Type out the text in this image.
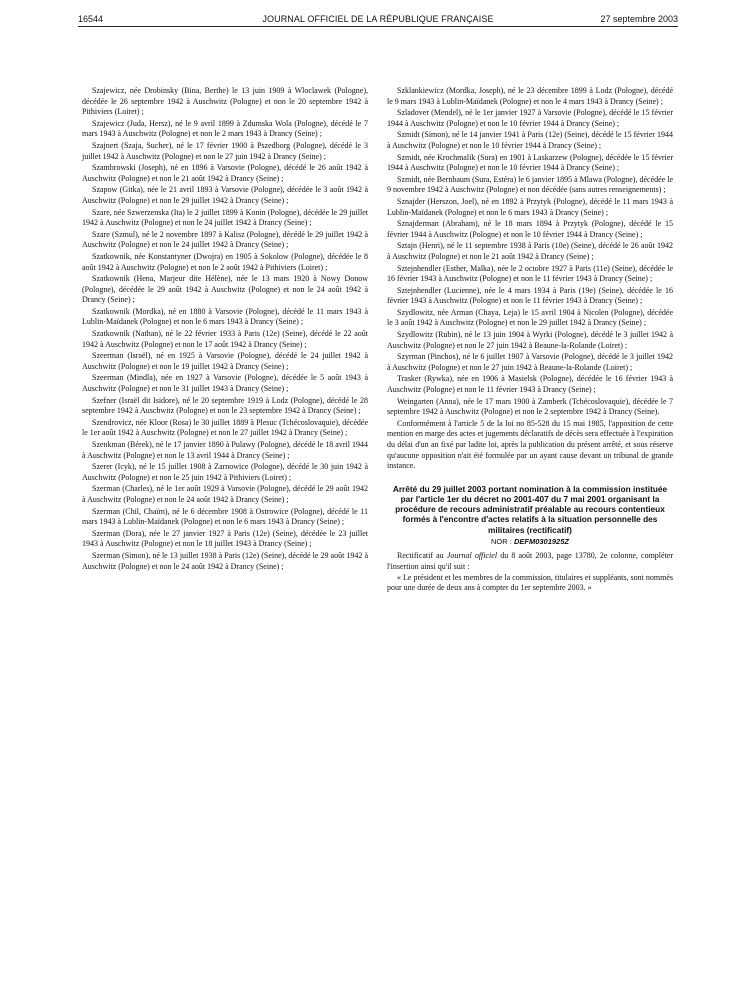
16544	JOURNAL OFFICIEL DE LA RÉPUBLIQUE FRANÇAISE	27 septembre 2003

Szajewicz, née Drobinsky (Bina, Berthe) le 13 juin 1909 à Wloclawek (Pologne), décédée le 26 septembre 1942 à Auschwitz (Pologne) et non le 20 septembre 1942 à Pithiviers (Loiret) ;

Szajewicz (Juda, Hersz), né le 9 avril 1899 à Zdumska Wola (Pologne), décédé le 7 mars 1943 à Auschwitz (Pologne) et non le 2 mars 1943 à Drancy (Seine) ;

Szajnert (Szaja, Sucher), né le 17 février 1900 à Pszedborg (Pologne), décédé le 3 juillet 1942 à Auschwitz (Pologne) et non le 27 juin 1942 à Drancy (Seine) ;

Szambrowski (Joseph), né en 1896 à Varsovie (Pologne), décédé le 26 août 1942 à Auschwitz (Pologne) et non le 21 août 1942 à Drancy (Seine) ;

Szapow (Gitka), née le 21 avril 1893 à Varsovie (Pologne), décédée le 3 août 1942 à Auschwitz (Pologne) et non le 29 juillet 1942 à Drancy (Seine) ;

Szare, née Szwerzenska (Ita) le 2 juillet 1899 à Konin (Pologne), décédée le 29 juillet 1942 à Auschwitz (Pologne) et non le 24 juillet 1942 à Drancy (Seine) ;

Szare (Szmul), né le 2 novembre 1897 à Kalisz (Pologne), décédé le 29 juillet 1942 à Auschwitz (Pologne) et non le 24 juillet 1942 à Drancy (Seine) ;

Szatkownik, née Konstantyner (Dwojra) en 1905 à Sokolow (Pologne), décédée le 8 août 1942 à Auschwitz (Pologne) et non le 2 août 1942 à Pithiviers (Loiret) ;

Szatkownik (Hena, Marjeur dite Hélène), née le 13 mars 1920 à Nowy Donow (Pologne), décédée le 29 août 1942 à Auschwitz (Pologne) et non le 24 août 1942 à Drancy (Seine) ;

Szatkownik (Mordka), né en 1880 à Varsovie (Pologne), décédé le 11 mars 1943 à Lublin-Maïdanek (Pologne) et non le 6 mars 1943 à Drancy (Seine) ;

Szatkownik (Nathan), né le 22 février 1933 à Paris (12e) (Seine), décédé le 22 août 1942 à Auschwitz (Pologne) et non le 17 août 1942 à Drancy (Seine) ;

Szeerman (Israël), né en 1925 à Varsovie (Pologne), décédé le 24 juillet 1942 à Auschwitz (Pologne) et non le 19 juillet 1942 à Drancy (Seine) ;

Szeerman (Mindla), née en 1927 à Varsovie (Pologne), décédée le 5 août 1943 à Auschwitz (Pologne) et non le 31 juillet 1943 à Drancy (Seine) ;

Szefner (Israël dit Isidore), né le 20 septembre 1919 à Lodz (Pologne), décédé le 28 septembre 1942 à Auschwitz (Pologne) et non le 23 septembre 1942 à Drancy (Seine) ;

Szendrovicz, née Kloor (Rosa) le 30 juillet 1889 à Plesuc (Tchécoslovaquie), décédée le 1er août 1942 à Auschwitz (Pologne) et non le 27 juillet 1942 à Drancy (Seine) ;

Szenkman (Bérek), né le 17 janvier 1890 à Pulawy (Pologne), décédé le 18 avril 1944 à Auschwitz (Pologne) et non le 13 avril 1944 à Drancy (Seine) ;

Szerer (Icyk), né le 15 juillet 1908 à Zarnowice (Pologne), décédé le 30 juin 1942 à Auschwitz (Pologne) et non le 25 juin 1942 à Pithiviers (Loiret) ;

Szerman (Charles), né le 1er août 1929 à Varsovie (Pologne), décédé le 29 août 1942 à Auschwitz (Pologne) et non le 24 août 1942 à Drancy (Seine) ;

Szerman (Chil, Chaïm), né le 6 décembre 1908 à Ostrowice (Pologne), décédé le 11 mars 1943 à Lublin-Maïdanek (Pologne) et non le 6 mars 1943 à Drancy (Seine) ;

Szerman (Dora), née le 27 janvier 1927 à Paris (12e) (Seine), décédée le 23 juillet 1943 à Auschwitz (Pologne) et non le 18 juillet 1943 à Drancy (Seine) ;

Szerman (Simon), né le 13 juillet 1938 à Paris (12e) (Seine), décédé le 29 août 1942 à Auschwitz (Pologne) et non le 24 août 1942 à Drancy (Seine) ;

Szklankiewicz (Mordka, Joseph), né le 23 décembre 1899 à Lodz (Pologne), décédé le 9 mars 1943 à Lublin-Maïdanek (Pologne) et non le 4 mars 1943 à Drancy (Seine) ;

Szladover (Mendel), né le 1er janvier 1927 à Varsovie (Pologne), décédé le 15 février 1944 à Auschwitz (Pologne) et non le 10 février 1944 à Drancy (Seine) ;

Szmidt (Simon), né le 14 janvier 1941 à Paris (12e) (Seine), décédé le 15 février 1944 à Auschwitz (Pologne) et non le 10 février 1944 à Drancy (Seine) ;

Szmidt, née Krochmalik (Sura) en 1901 à Laskarzew (Pologne), décédée le 15 février 1944 à Auschwitz (Pologne) et non le 10 février 1944 à Drancy (Seine) ;

Szmidt, née Bernbaum (Sura, Estéra) le 6 janvier 1895 à Mlawa (Pologne), décédée le 9 novembre 1942 à Auschwitz (Pologne) et non décédée (sans autres renseignements) ;

Sznajder (Herszon, Joel), né en 1892 à Przytyk (Pologne), décédé le 11 mars 1943 à Lublin-Maïdanek (Pologne) et non le 6 mars 1943 à Drancy (Seine) ;

Sznajderman (Abraham), né le 18 mars 1894 à Przytyk (Pologne), décédé le 15 février 1944 à Auschwitz (Pologne) et non le 10 février 1944 à Drancy (Seine) ;

Sztajn (Henri), né le 11 septembre 1938 à Paris (10e) (Seine), décédé le 26 août 1942 à Auschwitz (Pologne) et non le 21 août 1942 à Drancy (Seine) ;

Sztejnhendler (Esther, Malka), née le 2 octobre 1927 à Paris (11e) (Seine), décédée le 16 février 1943 à Auschwitz (Pologne) et non le 11 février 1943 à Drancy (Seine) ;

Sztejnhendler (Lucienne), née le 4 mars 1934 à Paris (19e) (Seine), décédée le 16 février 1943 à Auschwitz (Pologne) et non le 11 février 1943 à Drancy (Seine) ;

Szydlowitz, née Arman (Chaya, Leja) le 15 avril 1904 à Nicolen (Pologne), décédée le 3 août 1942 à Auschwitz (Pologne) et non le 29 juillet 1942 à Drancy (Seine) ;

Szydlowitz (Rubin), né le 13 juin 1904 à Wyrki (Pologne), décédé le 3 juillet 1942 à Auschwitz (Pologne) et non le 27 juin 1942 à Beaune-la-Rolande (Loiret) ;

Szyrman (Pinchos), né le 6 juillet 1907 à Varsovie (Pologne), décédé le 3 juillet 1942 à Auschwitz (Pologne) et non le 27 juin 1942 à Beaune-la-Rolande (Loiret) ;

Trasker (Rywka), née en 1906 à Masielsk (Pologne), décédée le 16 février 1943 à Auschwitz (Pologne) et non le 11 février 1943 à Drancy (Seine) ;

Weingarten (Anna), née le 17 mars 1900 à Zamberk (Tchécoslovaquie), décédée le 7 septembre 1942 à Auschwitz (Pologne) et non le 2 septembre 1942 à Drancy (Seine).

Conformément à l'article 5 de la loi no 85-528 du 15 mai 1985, l'apposition de cette mention en marge des actes et jugements déclaratifs de décès sera effectuée à l'expiration du délai d'un an fixé par ladite loi, après la publication du présent arrêté, et sous réserve qu'aucune opposition n'ait été formulée par un ayant cause devant un tribunal de grande instance.

Arrêté du 29 juillet 2003 portant nomination à la commission instituée par l'article 1er du décret no 2001-407 du 7 mai 2001 organisant la procédure de recours administratif préalable au recours contentieux formés à l'encontre d'actes relatifs à la situation personnelle des militaires (rectificatif)

NOR : DEFM0301925Z

Rectificatif au Journal officiel du 8 août 2003, page 13780, 2e colonne, compléter l'insertion ainsi qu'il suit :

« Le président et les membres de la commission, titulaires et suppléants, sont nommés pour une durée de deux ans à compter du 1er septembre 2003. »
